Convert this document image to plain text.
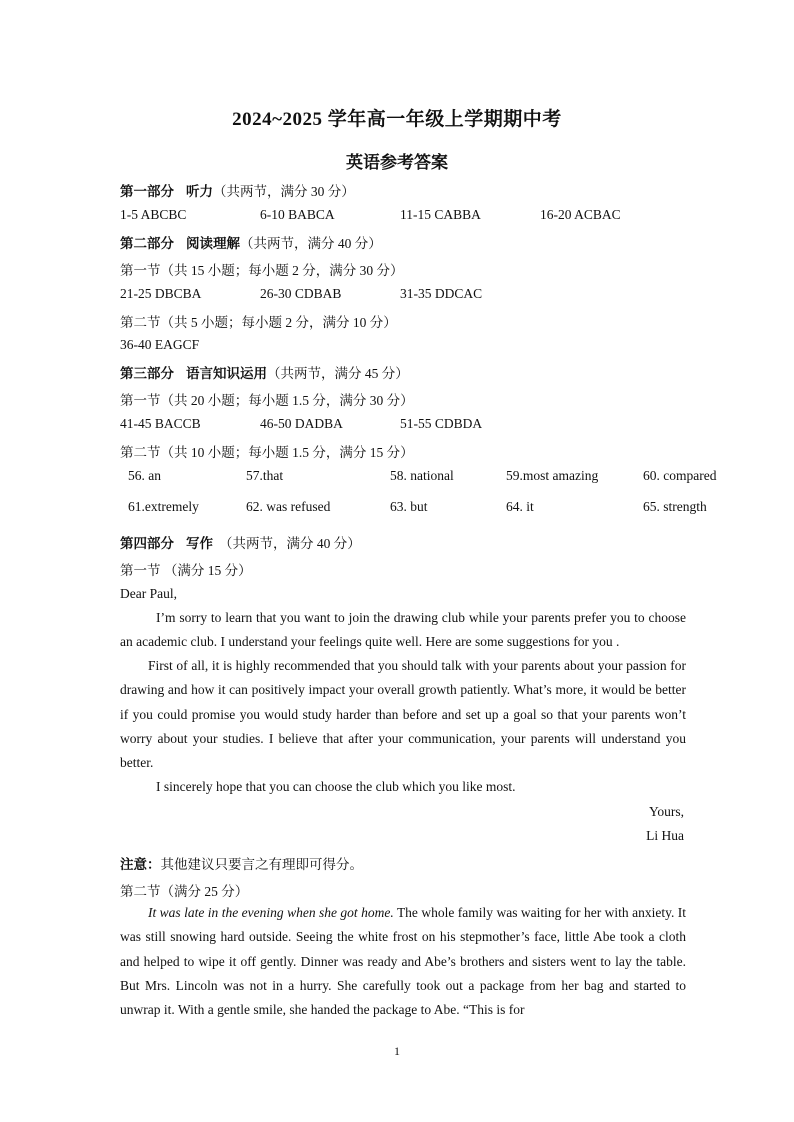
2024~2025 学年高一年级上学期期中考
英语参考答案
第一部分 听力（共两节，满分 30 分）
1-5 ABCBC	6-10 BABCA	11-15 CABBA	16-20 ACBAC
第二部分 阅读理解（共两节，满分 40 分）
第一节（共 15 小题；每小题 2 分，满分 30 分）
21-25 DBCBA	26-30 CDBAB	31-35 DDCAC
第二节（共 5 小题；每小题 2 分，满分 10 分）
36-40 EAGCF
第三部分 语言知识运用（共两节，满分 45 分）
第一节（共 20 小题；每小题 1.5 分，满分 30 分）
41-45 BACCB	46-50 DADBA	51-55 CDBDA
第二节（共 10 小题；每小题 1.5 分，满分 15 分）
56. an	57.that	58. national	59.most amazing	60. compared
61.extremely	62. was refused	63. but	64. it	65. strength
第四部分 写作 （共两节，满分 40 分）
第一节 （满分 15 分）
Dear Paul,
I’m sorry to learn that you want to join the drawing club while your parents prefer you to choose an academic club. I understand your feelings quite well. Here are some suggestions for you .
First of all, it is highly recommended that you should talk with your parents about your passion for drawing and how it can positively impact your overall growth patiently. What’s more, it would be better if you could promise you would study harder than before and set up a goal so that your parents won’t worry about your studies. I believe that after your communication, your parents will understand you better.
I sincerely hope that you can choose the club which you like most.
Yours,
Li Hua
注意：其他建议只要言之有理即可得分。
第二节（满分 25 分）
It was late in the evening when she got home. The whole family was waiting for her with anxiety. It was still snowing hard outside. Seeing the white frost on his stepmother’s face, little Abe took a cloth and helped to wipe it off gently. Dinner was ready and Abe’s brothers and sisters went to lay the table. But Mrs. Lincoln was not in a hurry. She carefully took out a package from her bag and started to unwrap it. With a gentle smile, she handed the package to Abe. “This is for
1
